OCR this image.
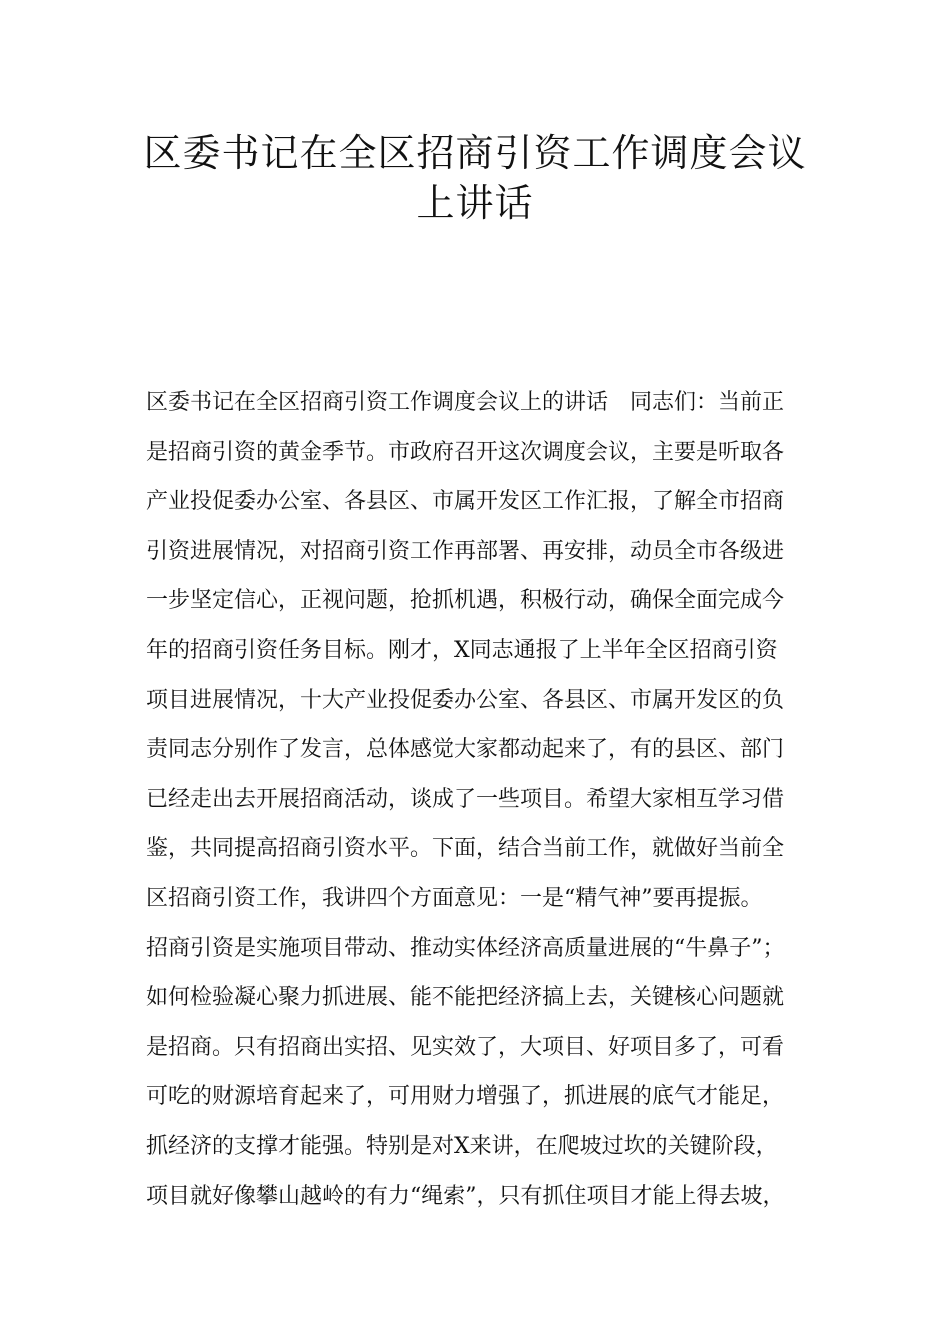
区委书记在全区招商引资工作调度会议
上讲话
区委书记在全区招商引资工作调度会议上的讲话　同志们：当前正
是招商引资的黄金季节。市政府召开这次调度会议，主要是听取各
产业投促委办公室、各县区、市属开发区工作汇报，了解全市招商
引资进展情况，对招商引资工作再部署、再安排，动员全市各级进
一步坚定信心，正视问题，抢抓机遇，积极行动，确保全面完成今
年的招商引资任务目标。刚才，X同志通报了上半年全区招商引资
项目进展情况，十大产业投促委办公室、各县区、市属开发区的负
责同志分别作了发言，总体感觉大家都动起来了，有的县区、部门
已经走出去开展招商活动，谈成了一些项目。希望大家相互学习借
鉴，共同提高招商引资水平。下面，结合当前工作，就做好当前全
区招商引资工作，我讲四个方面意见：一是“精气神”要再提振。
招商引资是实施项目带动、推动实体经济高质量进展的“牛鼻子”；
如何检验凝心聚力抓进展、能不能把经济搞上去，关键核心问题就
是招商。只有招商出实招、见实效了，大项目、好项目多了，可看
可吃的财源培育起来了，可用财力增强了，抓进展的底气才能足，
抓经济的支撑才能强。特别是对X来讲，在爬坡过坎的关键阶段，
项目就好像攀山越岭的有力“绳索”，只有抓住项目才能上得去坡，
